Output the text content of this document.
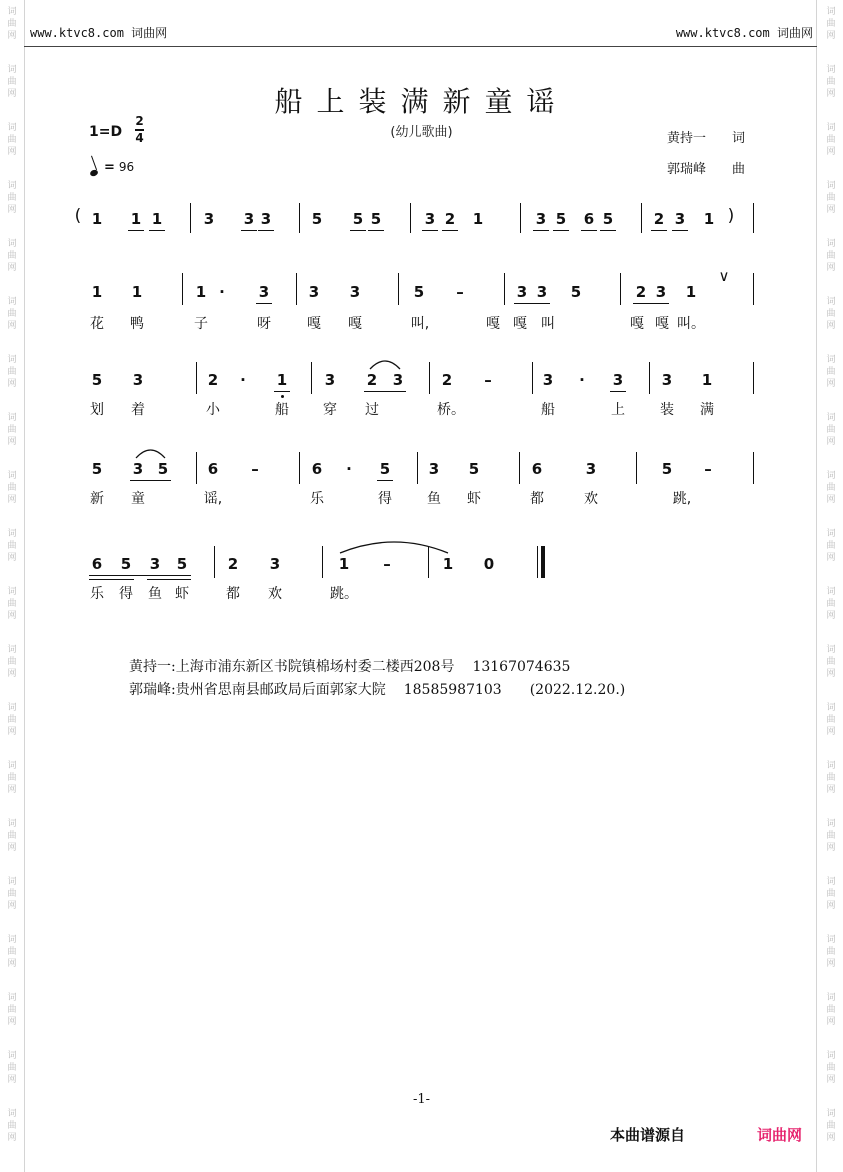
词
曲
网
词
曲
网
词
曲
网
词
曲
网
词
曲
网
词
曲
网
词
曲
网
词
曲
网
词
曲
网
词
曲
网
词
曲
网
词
曲
网
词
曲
网
词
曲
网
词
曲
网
词
曲
网
词
曲
网
词
曲
网
词
曲
网
词
曲
网
词
曲
网
词
曲
网
词
曲
网
词
曲
网
词
曲
网
词
曲
网
词
曲
网
词
曲
网
词
曲
网
词
曲
网
词
曲
网
词
曲
网
词
曲
网
词
曲
网
词
曲
网
词
曲
网
词
曲
网
词
曲
网
词
曲
网
词
曲
网
www.ktvc8.com 词曲网	www.ktvc8.com 词曲网
船上装满新童谣
(幼儿歌曲)
1=D
2
4
= 96
黄持一 词
郭瑞峰 曲
( 1 1 1	3 3 3	5 5 5	3 2 1	3 5 6 5	2 3 1 )
1 1	1 · 3	3 3	5 –	3 3 5	2 3 1
∨
花 鸭	子	呀	嘎 嘎	叫,	嘎 嘎 叫	嘎 嘎 叫。
5 3	2 · 1	3 2 3	2 –	3 · 3	3 1
划 着	小	船 穿 过	桥。	船	上	装 满
5 3 5	6 –	6 · 5	3 5	6	3	5 –
新 童	谣,	乐	得	鱼 虾	都	欢	跳,
6 5 3 5	2 3	1 –	1 0
乐 得 鱼 虾	都 欢	跳。
黄持一:上海市浦东新区书院镇棉场村委二楼西208号 13167074635
郭瑞峰:贵州省思南县邮政局后面郭家大院 18585987103 (2022.12.20.)
-1-
本曲谱源自	词曲网
